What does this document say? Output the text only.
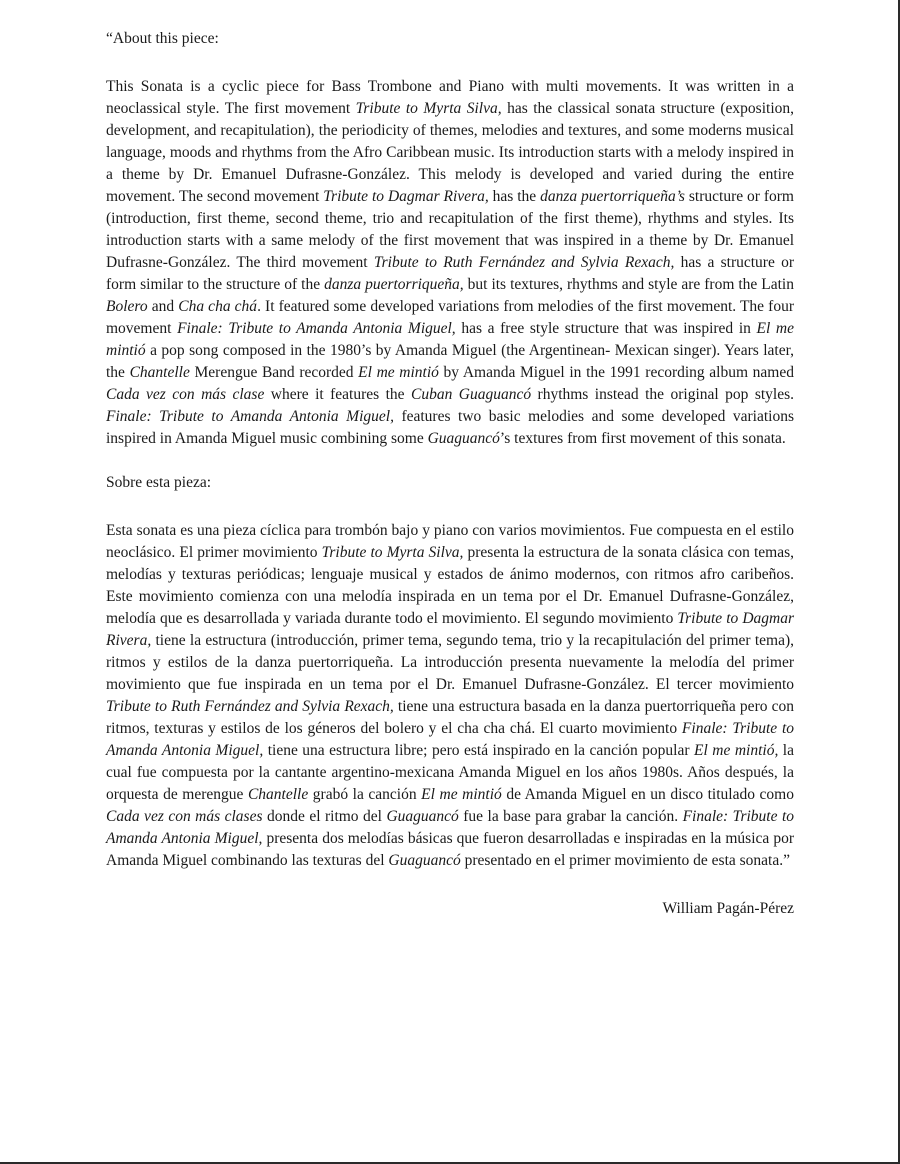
“About this piece:

This Sonata is a cyclic piece for Bass Trombone and Piano with multi movements. It was written in a neoclassical style. The first movement Tribute to Myrta Silva, has the classical sonata structure (exposition, development, and recapitulation), the periodicity of themes, melodies and textures, and some moderns musical language, moods and rhythms from the Afro Caribbean music. Its introduction starts with a melody inspired in a theme by Dr. Emanuel Dufrasne-González. This melody is developed and varied during the entire movement. The second movement Tribute to Dagmar Rivera, has the danza puertorriqueña’s structure or form (introduction, first theme, second theme, trio and recapitulation of the first theme), rhythms and styles. Its introduction starts with a same melody of the first movement that was inspired in a theme by Dr. Emanuel Dufrasne-González. The third movement Tribute to Ruth Fernández and Sylvia Rexach, has a structure or form similar to the structure of the danza puertorriqueña, but its textures, rhythms and style are from the Latin Bolero and Cha cha chá. It featured some developed variations from melodies of the first movement. The four movement Finale: Tribute to Amanda Antonia Miguel, has a free style structure that was inspired in El me mintió a pop song composed in the 1980’s by Amanda Miguel (the Argentinean- Mexican singer). Years later, the Chantelle Merengue Band recorded El me mintió by Amanda Miguel in the 1991 recording album named Cada vez con más clase where it features the Cuban Guaguancó rhythms instead the original pop styles. Finale: Tribute to Amanda Antonia Miguel, features two basic melodies and some developed variations inspired in Amanda Miguel music combining some Guaguancó’s textures from first movement of this sonata.

Sobre esta pieza:

Esta sonata es una pieza cíclica para trombón bajo y piano con varios movimientos. Fue compuesta en el estilo neoclásico. El primer movimiento Tribute to Myrta Silva, presenta la estructura de la sonata clásica con temas, melodías y texturas periódicas; lenguaje musical y estados de ánimo modernos, con ritmos afro caribeños. Este movimiento comienza con una melodía inspirada en un tema por el Dr. Emanuel Dufrasne-González, melodía que es desarrollada y variada durante todo el movimiento. El segundo movimiento Tribute to Dagmar Rivera, tiene la estructura (introducción, primer tema, segundo tema, trio y la recapitulación del primer tema), ritmos y estilos de la danza puertorriqueña. La introducción presenta nuevamente la melodía del primer movimiento que fue inspirada en un tema por el Dr. Emanuel Dufrasne-González. El tercer movimiento Tribute to Ruth Fernández and Sylvia Rexach, tiene una estructura basada en la danza puertorriqueña pero con ritmos, texturas y estilos de los géneros del bolero y el cha cha chá. El cuarto movimiento Finale: Tribute to Amanda Antonia Miguel, tiene una estructura libre; pero está inspirado en la canción popular El me mintió, la cual fue compuesta por la cantante argentino-mexicana Amanda Miguel en los años 1980s. Años después, la orquesta de merengue Chantelle grabó la canción El me mintió de Amanda Miguel en un disco titulado como Cada vez con más clases donde el ritmo del Guaguancó fue la base para grabar la canción. Finale: Tribute to Amanda Antonia Miguel, presenta dos melodías básicas que fueron desarrolladas e inspiradas en la música por Amanda Miguel combinando las texturas del Guaguancó presentado en el primer movimiento de esta sonata.”

William Pagán-Pérez
